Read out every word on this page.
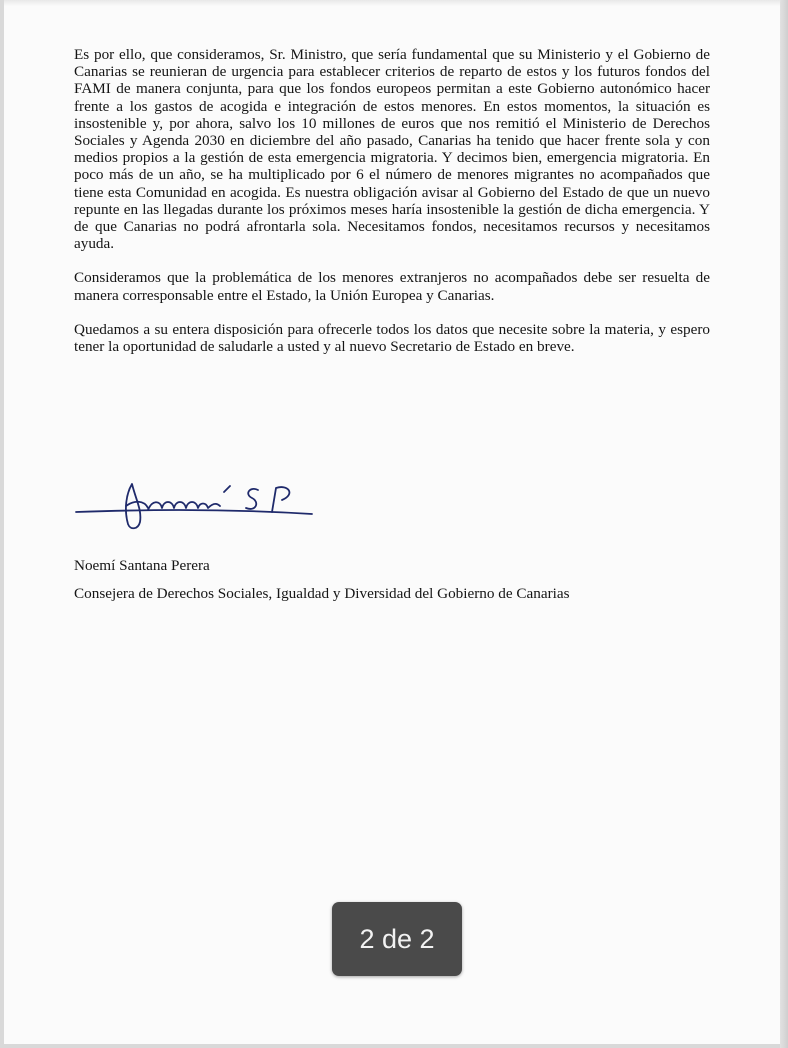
Es por ello, que consideramos, Sr. Ministro, que sería fundamental que su Ministerio y el Gobierno de Canarias se reunieran de urgencia para establecer criterios de reparto de estos y los futuros fondos del FAMI de manera conjunta, para que los fondos europeos permitan a este Gobierno autonómico hacer frente a los gastos de acogida e integración de estos menores. En estos momentos, la situación es insostenible y, por ahora, salvo los 10 millones de euros que nos remitió el Ministerio de Derechos Sociales y Agenda 2030 en diciembre del año pasado, Canarias ha tenido que hacer frente sola y con medios propios a la gestión de esta emergencia migratoria. Y decimos bien, emergencia migratoria. En poco más de un año, se ha multiplicado por 6 el número de menores migrantes no acompañados que tiene esta Comunidad en acogida. Es nuestra obligación avisar al Gobierno del Estado de que un nuevo repunte en las llegadas durante los próximos meses haría insostenible la gestión de dicha emergencia. Y de que Canarias no podrá afrontarla sola. Necesitamos fondos, necesitamos recursos y necesitamos ayuda.

Consideramos que la problemática de los menores extranjeros no acompañados debe ser resuelta de manera corresponsable entre el Estado, la Unión Europea y Canarias.

Quedamos a su entera disposición para ofrecerle todos los datos que necesite sobre la materia, y espero tener la oportunidad de saludarle a usted y al nuevo Secretario de Estado en breve.

Noemí Santana Perera
Consejera de Derechos Sociales, Igualdad y Diversidad del Gobierno de Canarias
2 de 2
